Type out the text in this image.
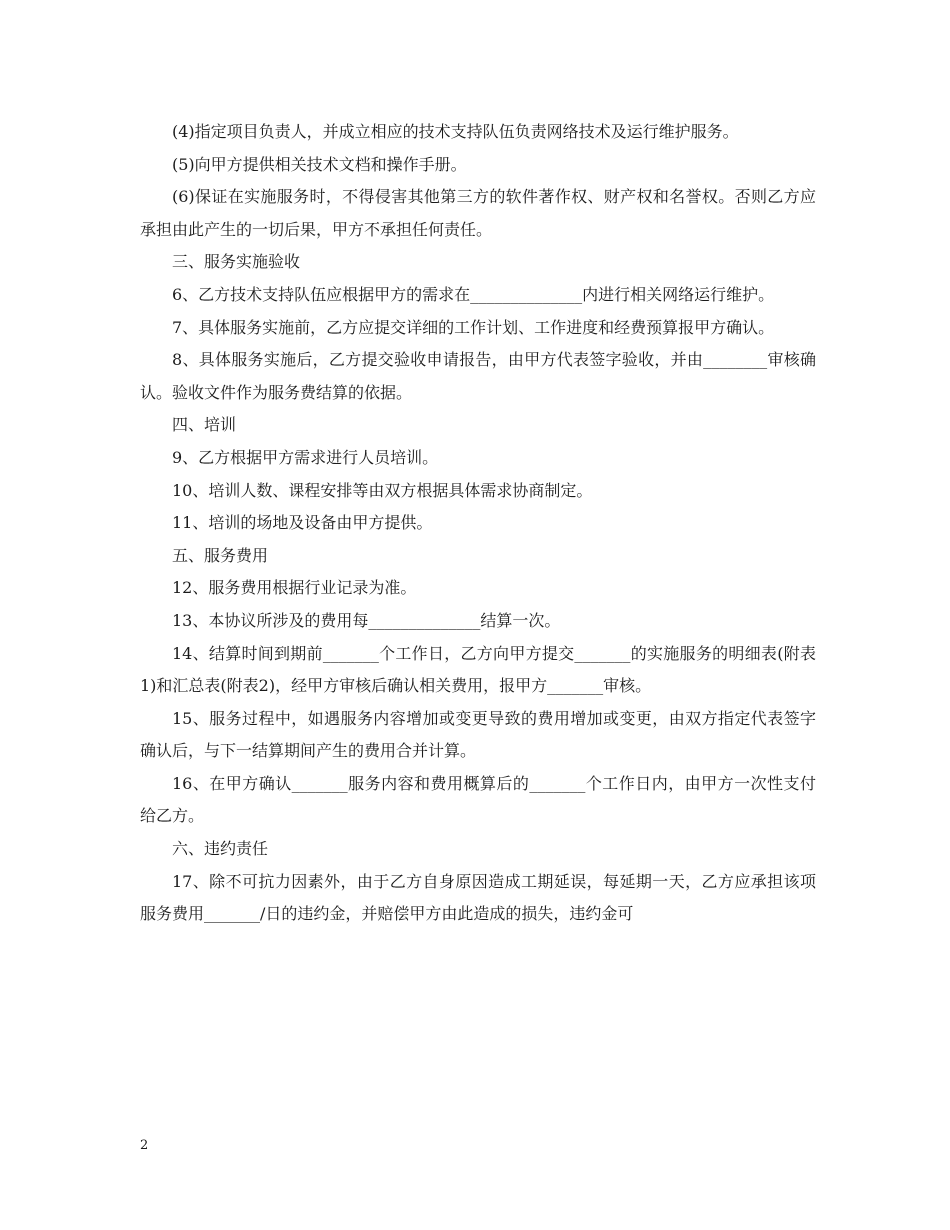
(4)指定项目负责人，并成立相应的技术支持队伍负责网络技术及运行维护服务。

(5)向甲方提供相关技术文档和操作手册。

(6)保证在实施服务时，不得侵害其他第三方的软件著作权、财产权和名誉权。否则乙方应承担由此产生的一切后果，甲方不承担任何责任。

三、服务实施验收

6、乙方技术支持队伍应根据甲方的需求在______________内进行相关网络运行维护。

7、具体服务实施前，乙方应提交详细的工作计划、工作进度和经费预算报甲方确认。

8、具体服务实施后，乙方提交验收申请报告，由甲方代表签字验收，并由________审核确认。验收文件作为服务费结算的依据。

四、培训

9、乙方根据甲方需求进行人员培训。

10、培训人数、课程安排等由双方根据具体需求协商制定。

11、培训的场地及设备由甲方提供。

五、服务费用

12、服务费用根据行业记录为准。

13、本协议所涉及的费用每______________结算一次。

14、结算时间到期前_______个工作日，乙方向甲方提交_______的实施服务的明细表(附表1)和汇总表(附表2)，经甲方审核后确认相关费用，报甲方_______审核。

15、服务过程中，如遇服务内容增加或变更导致的费用增加或变更，由双方指定代表签字确认后，与下一结算期间产生的费用合并计算。

16、在甲方确认_______服务内容和费用概算后的_______个工作日内，由甲方一次性支付给乙方。

六、违约责任

17、除不可抗力因素外，由于乙方自身原因造成工期延误，每延期一天，乙方应承担该项服务费用_______/日的违约金，并赔偿甲方由此造成的损失，违约金可

2
